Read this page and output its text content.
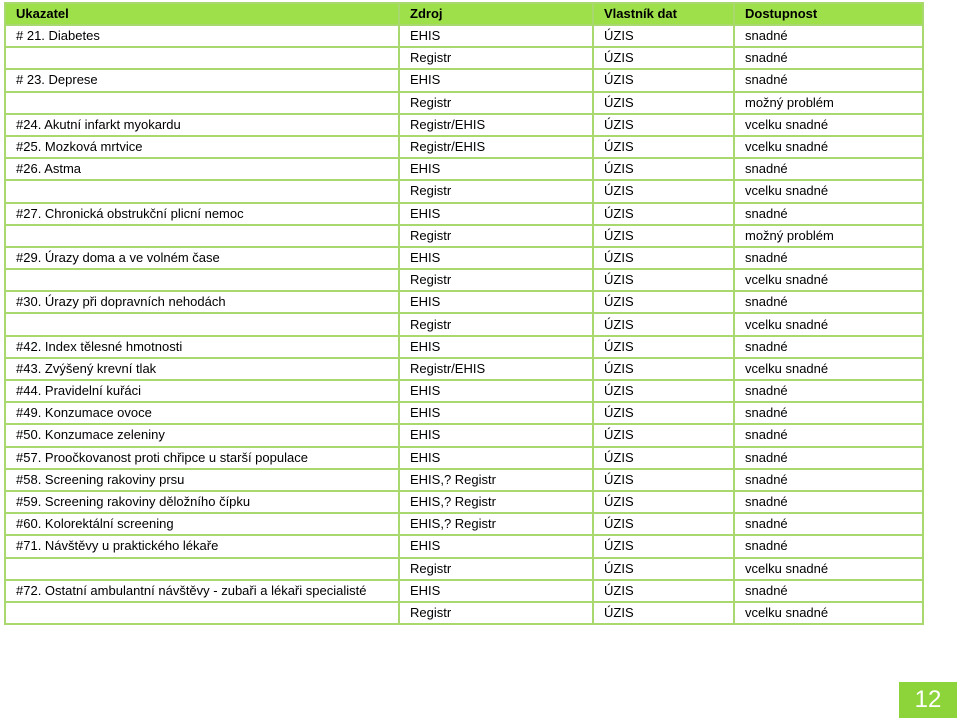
Ukazatel	Zdroj	Vlastník dat	Dostupnost
# 21. Diabetes	EHIS	ÚZIS	snadné
	Registr	ÚZIS	snadné
# 23. Deprese	EHIS	ÚZIS	snadné
	Registr	ÚZIS	možný problém
#24. Akutní infarkt myokardu	Registr/EHIS	ÚZIS	vcelku snadné
#25. Mozková mrtvice	Registr/EHIS	ÚZIS	vcelku snadné
#26. Astma	EHIS	ÚZIS	snadné
	Registr	ÚZIS	vcelku snadné
#27. Chronická obstrukční plicní nemoc	EHIS	ÚZIS	snadné
	Registr	ÚZIS	možný problém
#29. Úrazy doma a ve volném čase	EHIS	ÚZIS	snadné
	Registr	ÚZIS	vcelku snadné
#30. Úrazy při dopravních nehodách	EHIS	ÚZIS	snadné
	Registr	ÚZIS	vcelku snadné
#42. Index tělesné hmotnosti	EHIS	ÚZIS	snadné
#43. Zvýšený krevní tlak	Registr/EHIS	ÚZIS	vcelku snadné
#44. Pravidelní kuřáci	EHIS	ÚZIS	snadné
#49. Konzumace ovoce	EHIS	ÚZIS	snadné
#50. Konzumace zeleniny	EHIS	ÚZIS	snadné
#57. Proočkovanost proti chřipce u starší populace	EHIS	ÚZIS	snadné
#58. Screening rakoviny prsu	EHIS,? Registr	ÚZIS	snadné
#59. Screening rakoviny děložního čípku	EHIS,? Registr	ÚZIS	snadné
#60. Kolorektální screening	EHIS,? Registr	ÚZIS	snadné
#71. Návštěvy u praktického lékaře	EHIS	ÚZIS	snadné
	Registr	ÚZIS	vcelku snadné
#72. Ostatní ambulantní návštěvy - zubaři a lékaři specialisté	EHIS	ÚZIS	snadné
	Registr	ÚZIS	vcelku snadné
12
